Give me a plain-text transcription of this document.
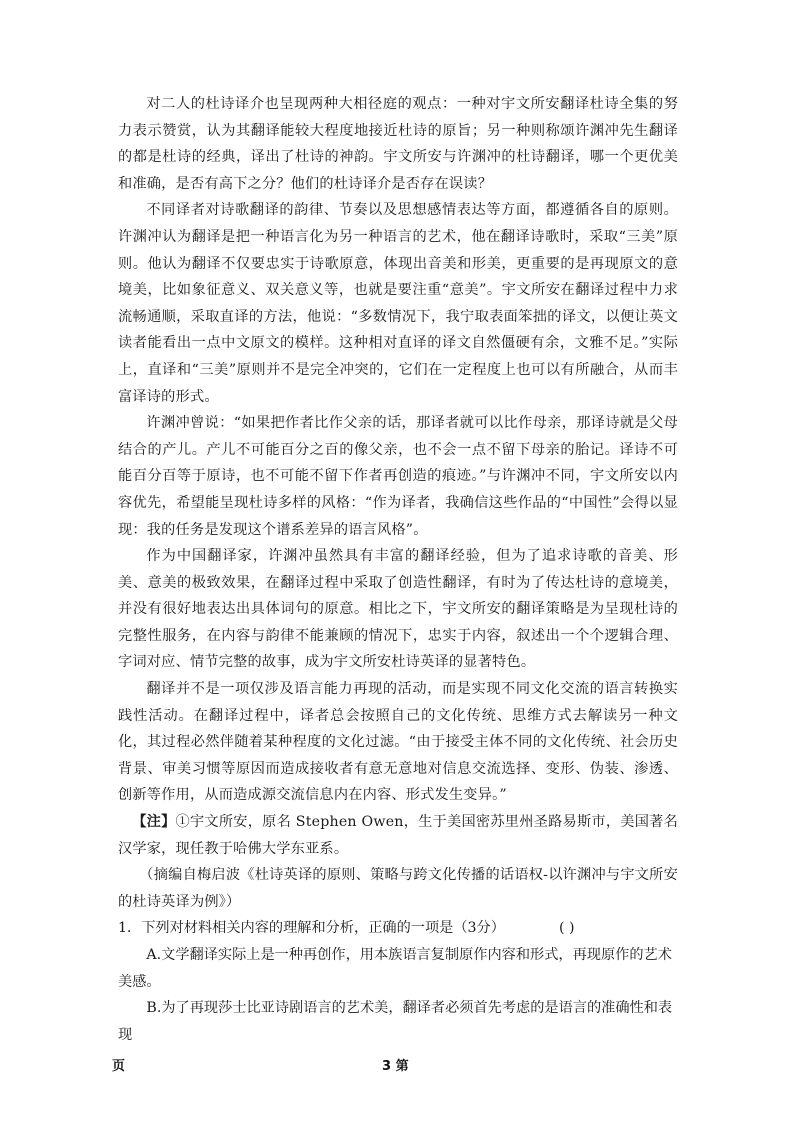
对二人的杜诗译介也呈现两种大相径庭的观点：一种对宇文所安翻译杜诗全集的努力表示赞赏，认为其翻译能较大程度地接近杜诗的原旨；另一种则称颂许渊冲先生翻译的都是杜诗的经典，译出了杜诗的神韵。宇文所安与许渊冲的杜诗翻译，哪一个更优美和准确，是否有高下之分？他们的杜诗译介是否存在误读？

不同译者对诗歌翻译的韵律、节奏以及思想感情表达等方面，都遵循各自的原则。许渊冲认为翻译是把一种语言化为另一种语言的艺术，他在翻译诗歌时，采取“三美”原则。他认为翻译不仅要忠实于诗歌原意，体现出音美和形美，更重要的是再现原文的意境美，比如象征意义、双关意义等，也就是要注重“意美”。宇文所安在翻译过程中力求流畅通顺，采取直译的方法，他说：“多数情况下，我宁取表面笨拙的译文，以便让英文读者能看出一点中文原文的模样。这种相对直译的译文自然僵硬有余，文雅不足。”实际上，直译和“三美”原则并不是完全冲突的，它们在一定程度上也可以有所融合，从而丰富译诗的形式。

许渊冲曾说：“如果把作者比作父亲的话，那译者就可以比作母亲，那译诗就是父母结合的产儿。产儿不可能百分之百的像父亲，也不会一点不留下母亲的胎记。译诗不可能百分百等于原诗，也不可能不留下作者再创造的痕迹。”与许渊冲不同，宇文所安以内容优先，希望能呈现杜诗多样的风格：“作为译者，我确信这些作品的“中国性”会得以显现：我的任务是发现这个谱系差异的语言风格”。

作为中国翻译家，许渊冲虽然具有丰富的翻译经验，但为了追求诗歌的音美、形美、意美的极致效果，在翻译过程中采取了创造性翻译，有时为了传达杜诗的意境美，并没有很好地表达出具体词句的原意。相比之下，宇文所安的翻译策略是为呈现杜诗的完整性服务，在内容与韵律不能兼顾的情况下，忠实于内容，叙述出一个个逻辑合理、字词对应、情节完整的故事，成为宇文所安杜诗英译的显著特色。

翻译并不是一项仅涉及语言能力再现的活动，而是实现不同文化交流的语言转换实践性活动。在翻译过程中，译者总会按照自己的文化传统、思维方式去解读另一种文化，其过程必然伴随着某种程度的文化过滤。“由于接受主体不同的文化传统、社会历史背景、审美习惯等原因而造成接收者有意无意地对信息交流选择、变形、伪装、渗透、创新等作用，从而造成源交流信息内在内容、形式发生变异。”

【注】①宇文所安，原名 Stephen Owen，生于美国密苏里州圣路易斯市，美国著名汉学家，现任教于哈佛大学东亚系。

（摘编自梅启波《杜诗英译的原则、策略与跨文化传播的话语权-以许渊冲与宇文所安的杜诗英译为例》）

1．下列对材料相关内容的理解和分析，正确的一项是（3分）	( )

A.文学翻译实际上是一种再创作，用本族语言复制原作内容和形式，再现原作的艺术美感。

B.为了再现莎士比亚诗剧语言的艺术美，翻译者必须首先考虑的是语言的准确性和表现

页	3 第
